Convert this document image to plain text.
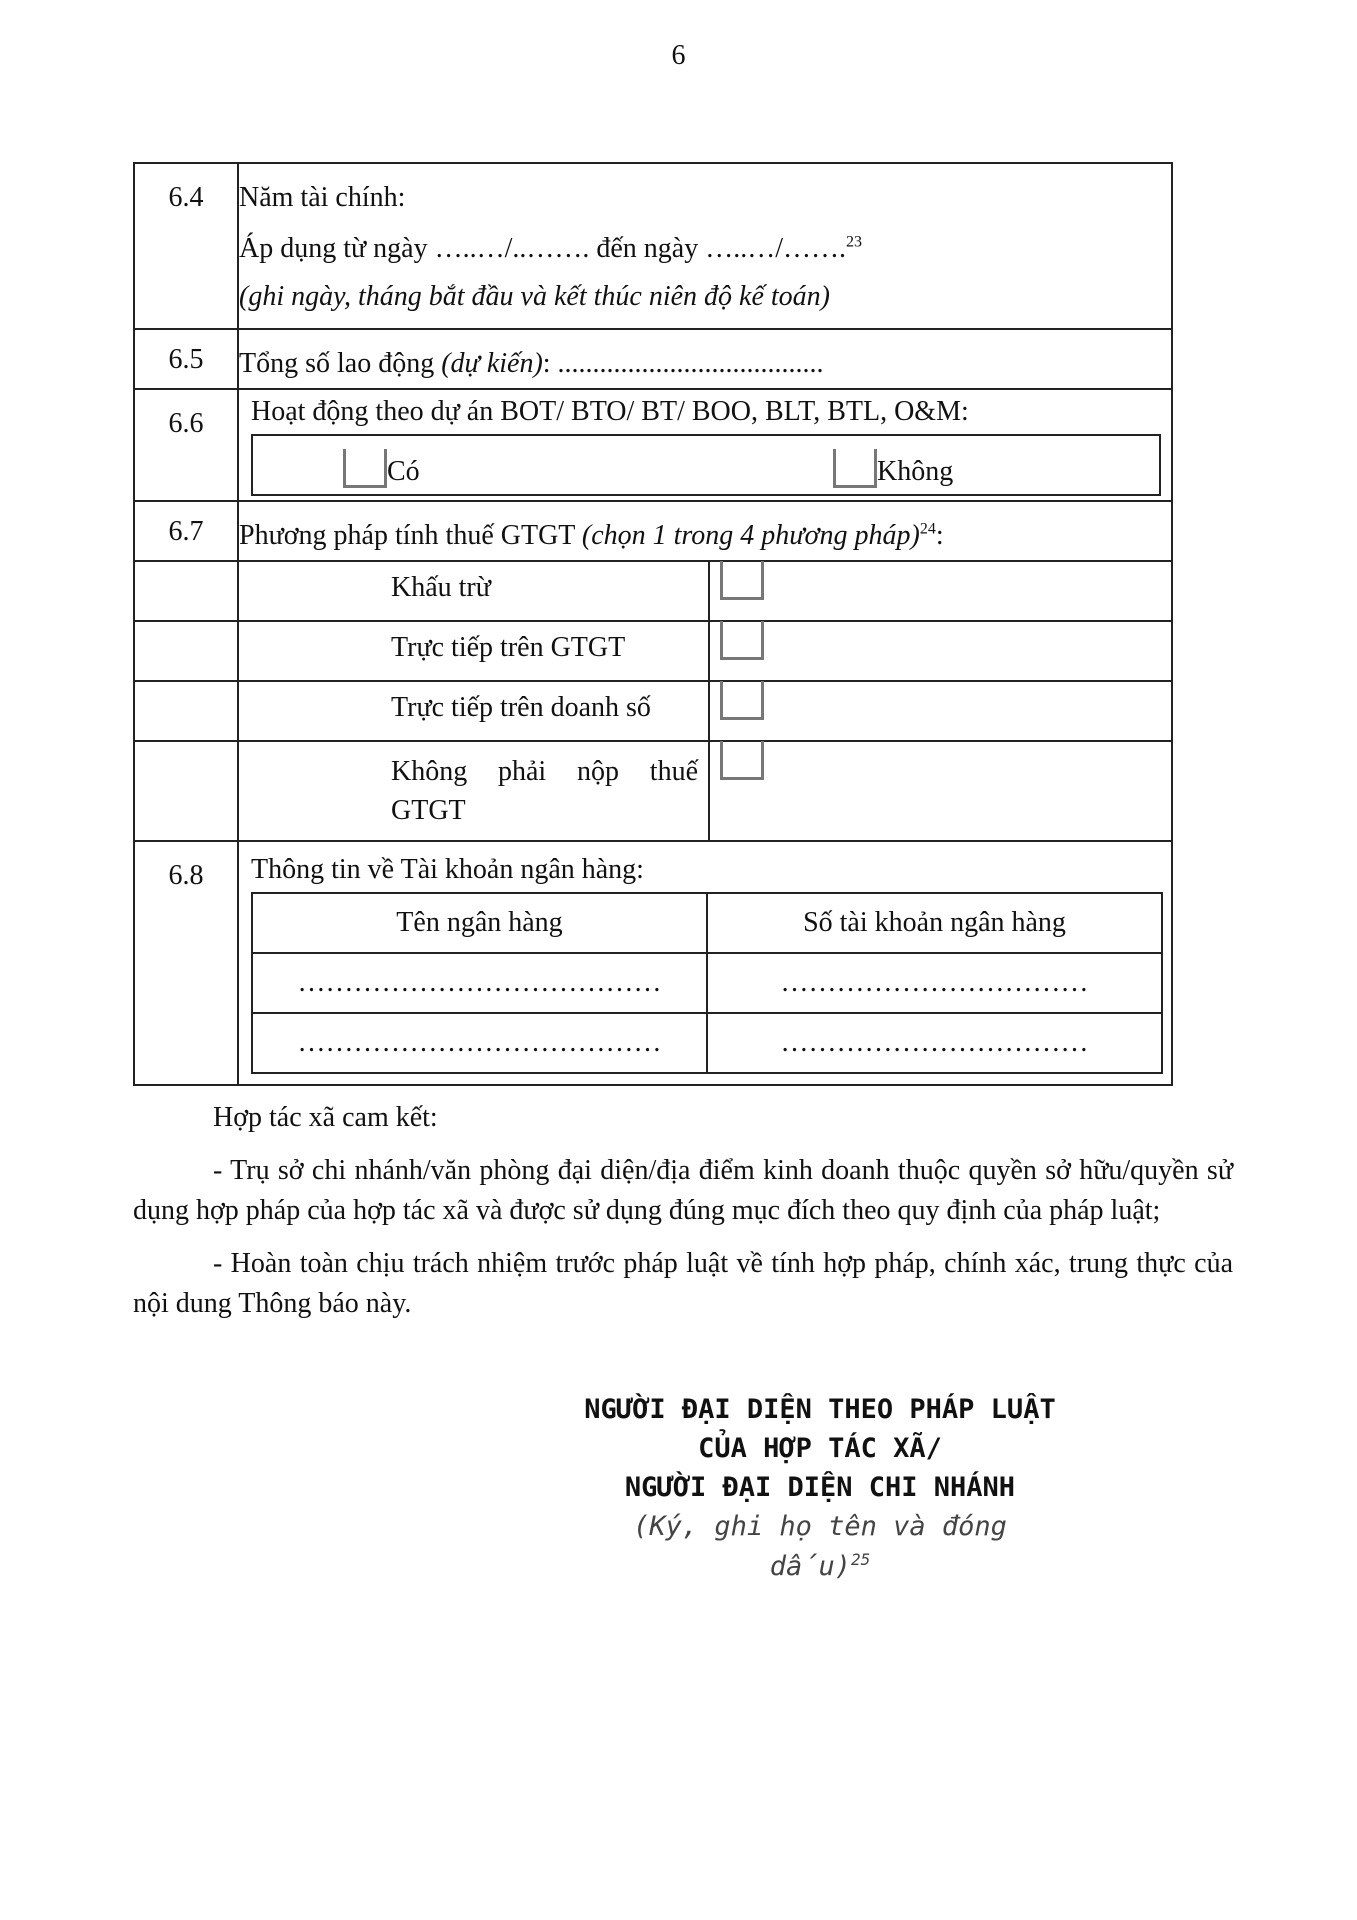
6
6.4	Năm tài chính:
Áp dụng từ ngày …..…/..……. đến ngày …..…/…….$^{23}$
(ghi ngày, tháng bắt đầu và kết thúc niên độ kế toán)

6.5	Tổng số lao động (dự kiến): ......................................
6.6	Hoạt động theo dự án BOT/ BTO/ BT/ BOO, BLT, BTL, O&M:
Có	Không

6.7	Phương pháp tính thuế GTGT (chọn 1 trong 4 phương pháp)$^{24}$:

Khấu trừ	

Trực tiếp trên GTGT	

Trực tiếp trên doanh số	

Không phải nộp thuế GTGT	

6.8	Thông tin về Tài khoản ngân hàng:
Tên ngân hàng	Số tài khoản ngân hàng
…………………………………	……………………………
…………………………………	……………………………

Hợp tác xã cam kết:

- Trụ sở chi nhánh/văn phòng đại diện/địa điểm kinh doanh thuộc quyền sở hữu/quyền sử dụng hợp pháp của hợp tác xã và được sử dụng đúng mục đích theo quy định của pháp luật;

- Hoàn toàn chịu trách nhiệm trước pháp luật về tính hợp pháp, chính xác, trung thực của nội dung Thông báo này.

NGƯỜI ĐẠI DIỆN THEO PHÁP LUẬT
CỦA HỢP TÁC XÃ/
NGƯỜI ĐẠI DIỆN CHI NHÁNH
(Ký, ghi họ tên và đóng
dấu)$^{25}$
